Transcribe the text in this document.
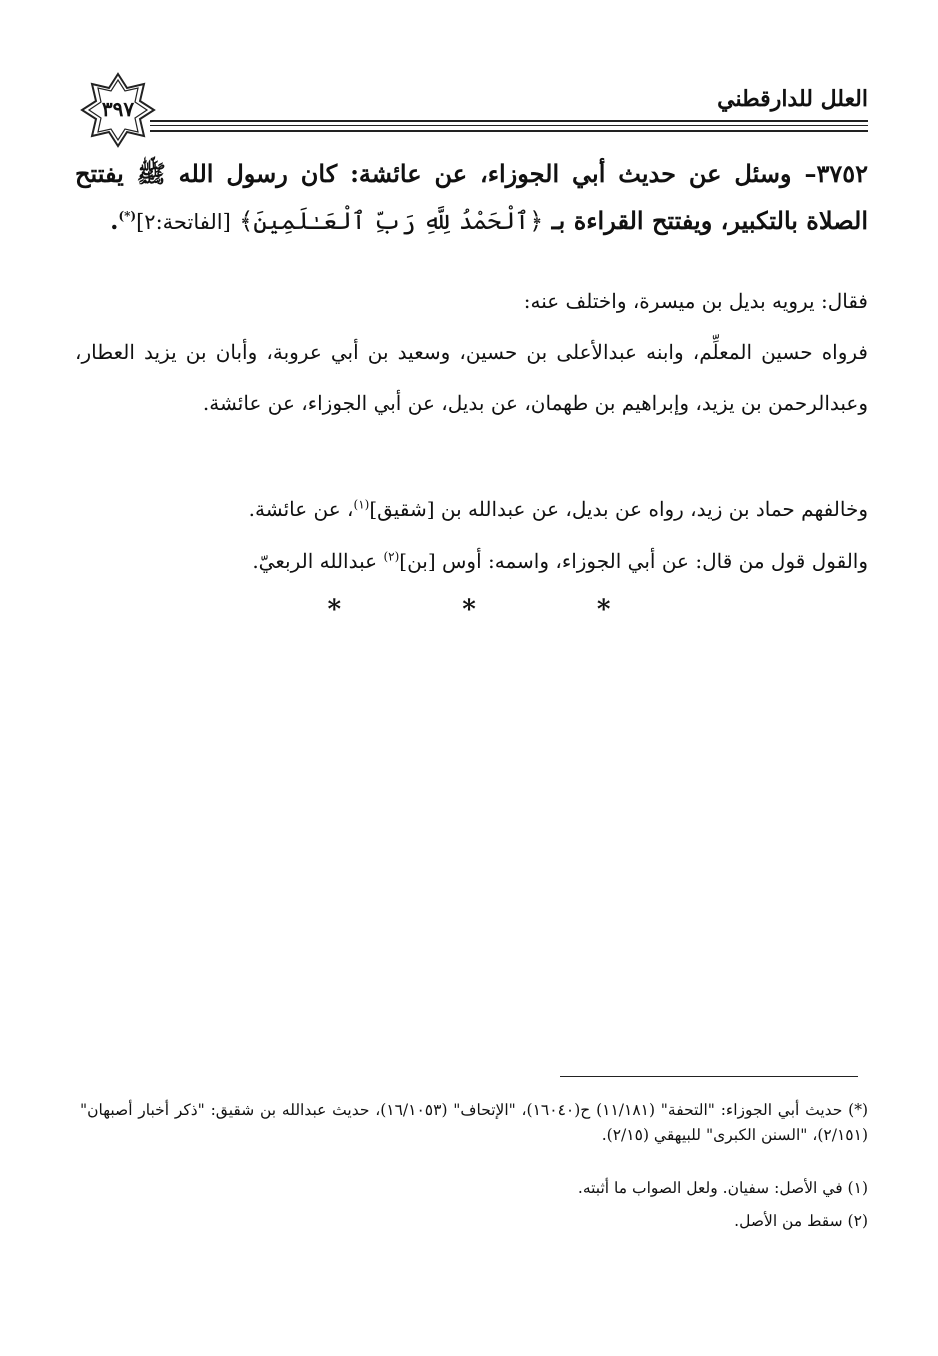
العلل للدارقطني
٣٩٧
٣٧٥٢– وسئل عن حديث أبي الجوزاء، عن عائشة: كان رسول الله ﷺ يفتتح الصلاة بالتكبير، ويفتتح القراءة بـ ﴿ٱلْحَمْدُ لِلَّهِ رَبِّ ٱلْعَـٰلَمِينَ﴾ [الفاتحة:٢](*).
فقال: يرويه بديل بن ميسرة، واختلف عنه:
فرواه حسين المعلِّم، وابنه عبدالأعلى بن حسين، وسعيد بن أبي عروبة، وأبان بن يزيد العطار، وعبدالرحمن بن يزيد، وإبراهيم بن طهمان، عن بديل، عن أبي الجوزاء، عن عائشة.
وخالفهم حماد بن زيد، رواه عن بديل، عن عبدالله بن [شقيق]$^{(١)}$، عن عائشة.
والقول قول من قال: عن أبي الجوزاء، واسمه: أوس [بن]$^{(٢)}$ عبدالله الربعيّ.
* * *
(*) حديث أبي الجوزاء: "التحفة" (١١/١٨١) ح(١٦٠٤٠)، "الإتحاف" (١٦/١٠٥٣)، حديث عبدالله بن شقيق: "ذكر أخبار أصبهان" (٢/١٥١)، "السنن الكبرى" للبيهقي (٢/١٥).
(١) في الأصل: سفيان. ولعل الصواب ما أثبته.
(٢) سقط من الأصل.
